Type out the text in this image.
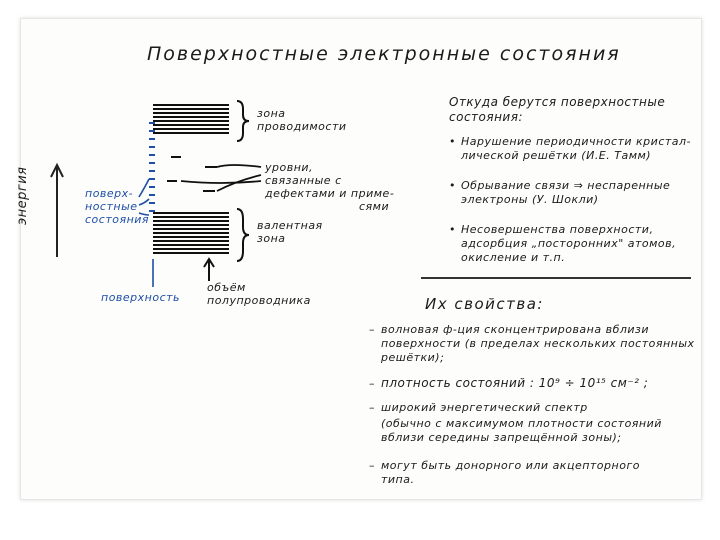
Поверхностные электронные состояния
энергия
зона
проводимости
уровни,
связанные с
дефектами и приме-
сями
валентная
зона
объём
полупроводника
поверх-
ностные
состояния
поверхность
Откуда берутся поверхностные
состояния:
• Нарушение периодичности кристал-
лической решётки (И.Е. Тамм)
• Обрывание связи ⇒ неспаренные
электроны (У. Шокли)
• Несовершенства поверхности,
адсорбция „посторонних" атомов,
окисление и т.п.
Их свойства:
– волновая ф-ция сконцентрирована вблизи
поверхности (в пределах нескольких постоянных
решётки);
– плотность состояний : 10⁹ ÷ 10¹⁵ см⁻² ;
– широкий энергетический спектр
(обычно с максимумом плотности состояний
вблизи середины запрещённой зоны);
– могут быть донорного или акцепторного
типа.
